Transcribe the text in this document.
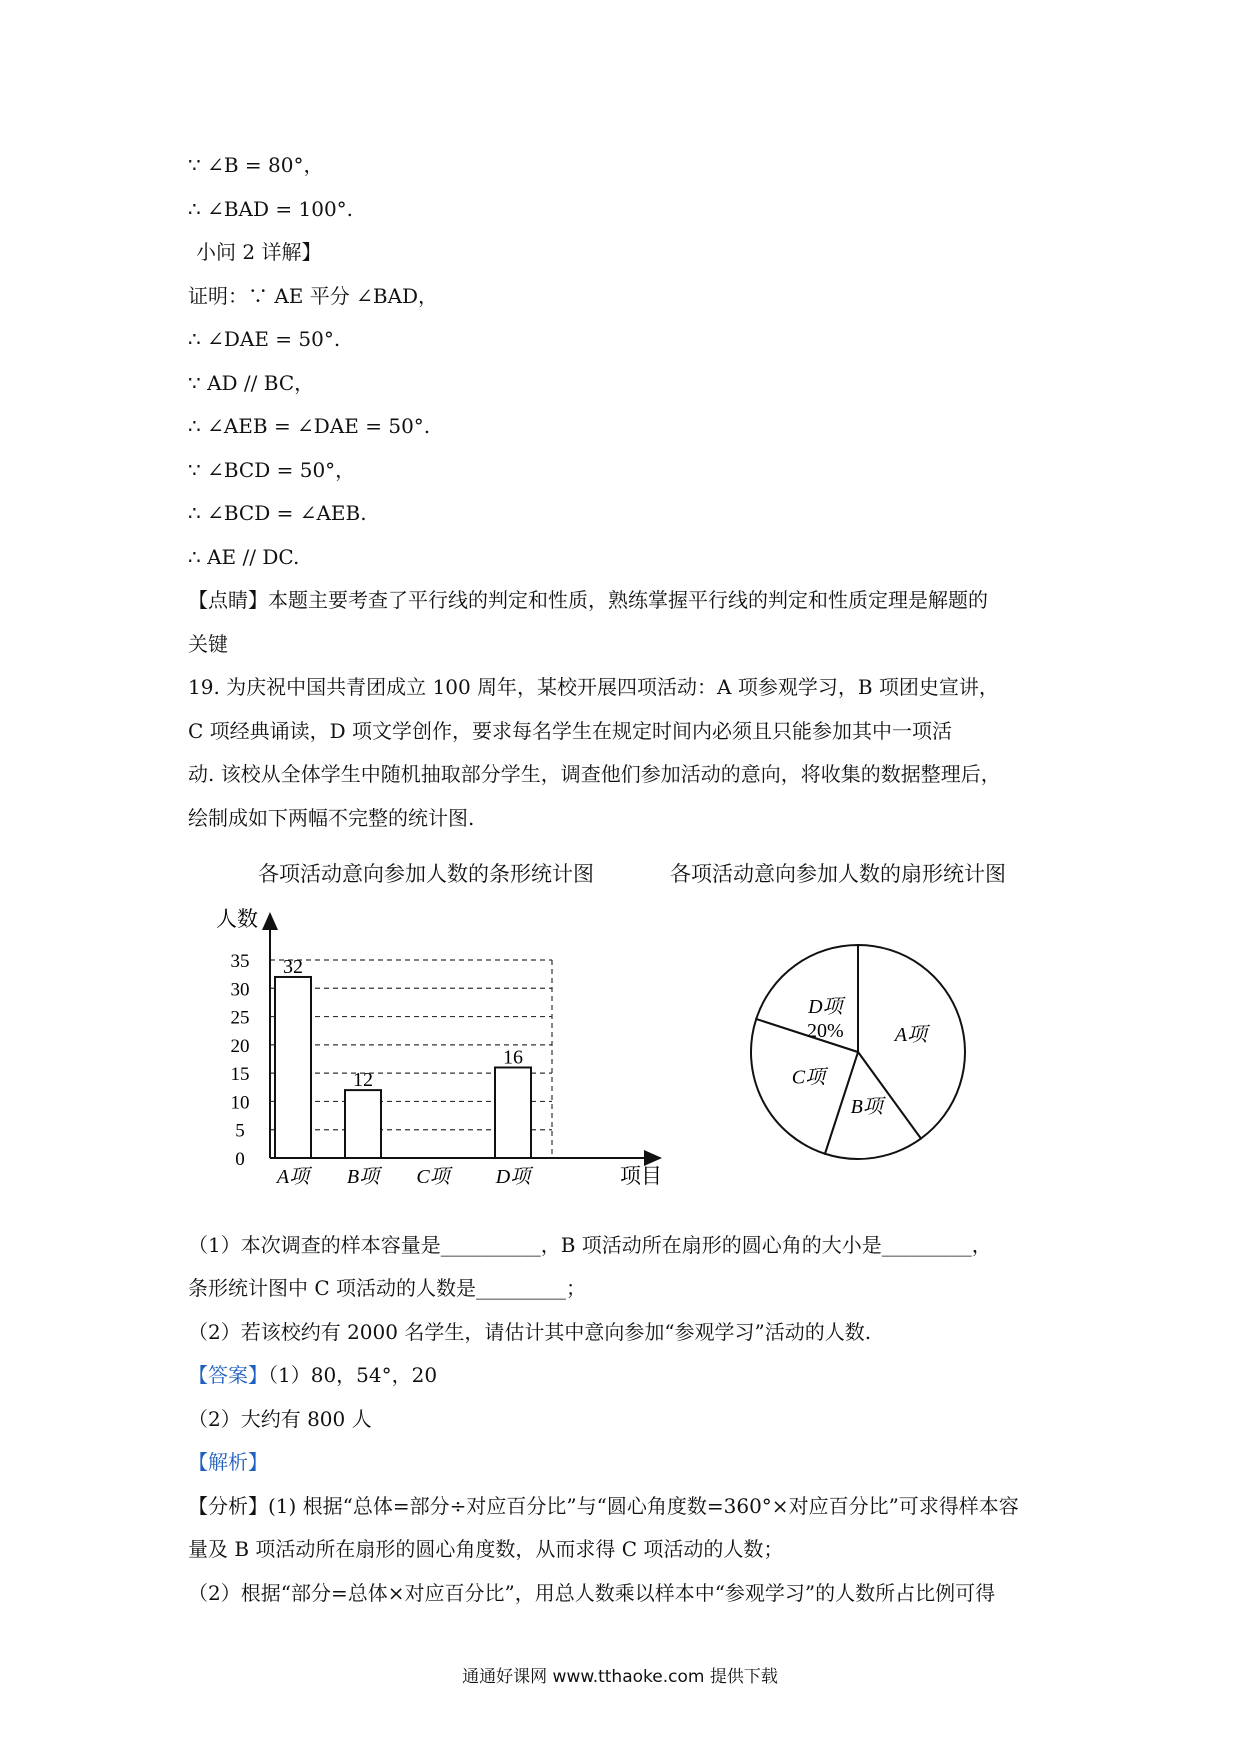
∵ ∠B = 80°，
∴ ∠BAD = 100°.
小问 2 详解】
证明：∵ AE 平分 ∠BAD，
∴ ∠DAE = 50°.
∵ AD // BC，
∴ ∠AEB = ∠DAE = 50°.
∵ ∠BCD = 50°，
∴ ∠BCD = ∠AEB.
∴ AE // DC.
【点睛】本题主要考查了平行线的判定和性质，熟练掌握平行线的判定和性质定理是解题的
关键
19. 为庆祝中国共青团成立 100 周年，某校开展四项活动：A 项参观学习，B 项团史宣讲，
C 项经典诵读，D 项文学创作，要求每名学生在规定时间内必须且只能参加其中一项活
动. 该校从全体学生中随机抽取部分学生，调查他们参加活动的意向，将收集的数据整理后，
绘制成如下两幅不完整的统计图.
各项活动意向参加人数的条形统计图	各项活动意向参加人数的扇形统计图
0
5
10
15
20
25
30
35 32
12
16
A项 B项 C项 D项
人数
项目
A项
B项
C项
D项
20%
（1）本次调查的样本容量是__________，B 项活动所在扇形的圆心角的大小是_________，
条形统计图中 C 项活动的人数是_________；
（2）若该校约有 2000 名学生，请估计其中意向参加“参观学习”活动的人数.
【答案】（1）80，54°，20
（2）大约有 800 人
【解析】
【分析】(1) 根据“总体=部分÷对应百分比”与“圆心角度数=360°×对应百分比”可求得样本容
量及 B 项活动所在扇形的圆心角度数，从而求得 C 项活动的人数；
（2）根据“部分=总体×对应百分比”，用总人数乘以样本中“参观学习”的人数所占比例可得
通通好课网 www.tthaoke.com 提供下载
